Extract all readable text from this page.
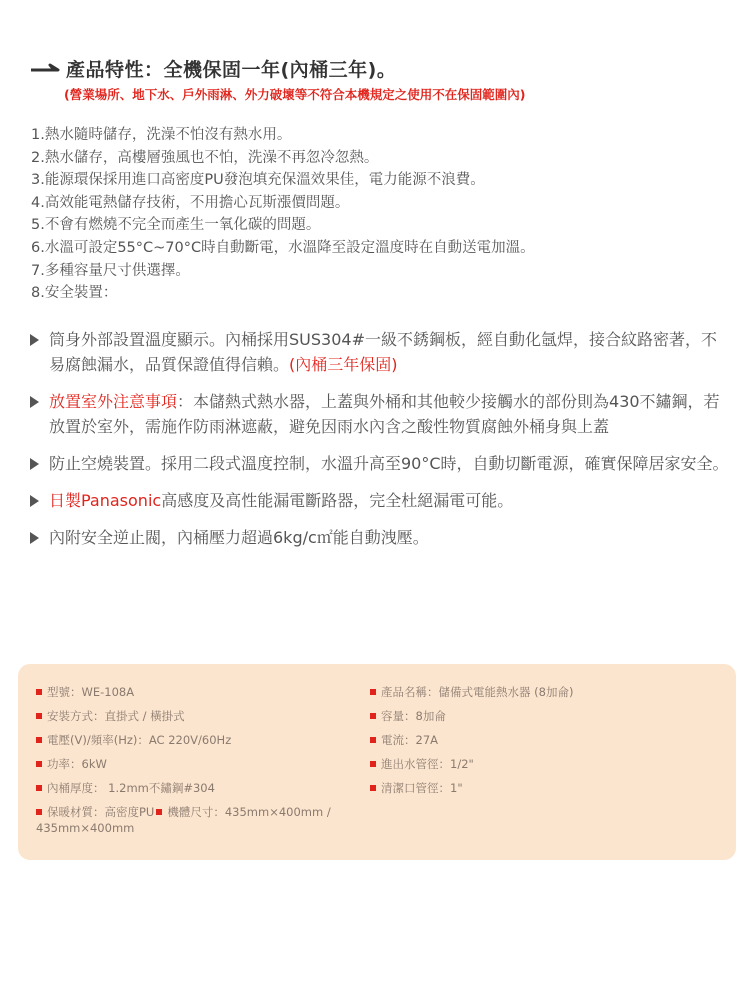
產品特性：全機保固一年(內桶三年)。
(營業場所、地下水、戶外雨淋、外力破壞等不符合本機規定之使用不在保固範圍內)
1.熱水隨時儲存，洗澡不怕沒有熱水用。
2.熱水儲存，高樓層強風也不怕，洗澡不再忽冷忽熱。
3.能源環保採用進口高密度PU發泡填充保溫效果佳，電力能源不浪費。
4.高效能電熱儲存技術，不用擔心瓦斯漲價問題。
5.不會有燃燒不完全而產生一氧化碳的問題。
6.水溫可設定55°C~70°C時自動斷電，水溫降至設定溫度時在自動送電加溫。
7.多種容量尺寸供選擇。
8.安全裝置：
筒身外部設置溫度顯示。內桶採用SUS304#一級不銹鋼板，經自動化氬焊，接合紋路密著，不易腐蝕漏水，品質保證值得信賴。(內桶三年保固)
放置室外注意事項：本儲熱式熱水器，上蓋與外桶和其他較少接觸水的部份則為430不鏽鋼，若放置於室外，需施作防雨淋遮蔽，避免因雨水內含之酸性物質腐蝕外桶身與上蓋
防止空燒裝置。採用二段式溫度控制，水溫升高至90°C時，自動切斷電源，確實保障居家安全。
日製Panasonic高感度及高性能漏電斷路器，完全杜絕漏電可能。
內附安全逆止閥，內桶壓力超過6kg/c㎡能自動洩壓。
型號：WE-108A
安裝方式：直掛式 / 橫掛式
電壓(V)/頻率(Hz)：AC 220V/60Hz
功率：6kW
內桶厚度： 1.2mm不鏽鋼#304
保暖材質：高密度PU 機體尺寸：435mm×400mm / 435mm×400mm
產品名稱：儲備式電能熱水器 (8加侖)
容量：8加侖
電流：27A
進出水管徑：1/2"
清潔口管徑：1"
